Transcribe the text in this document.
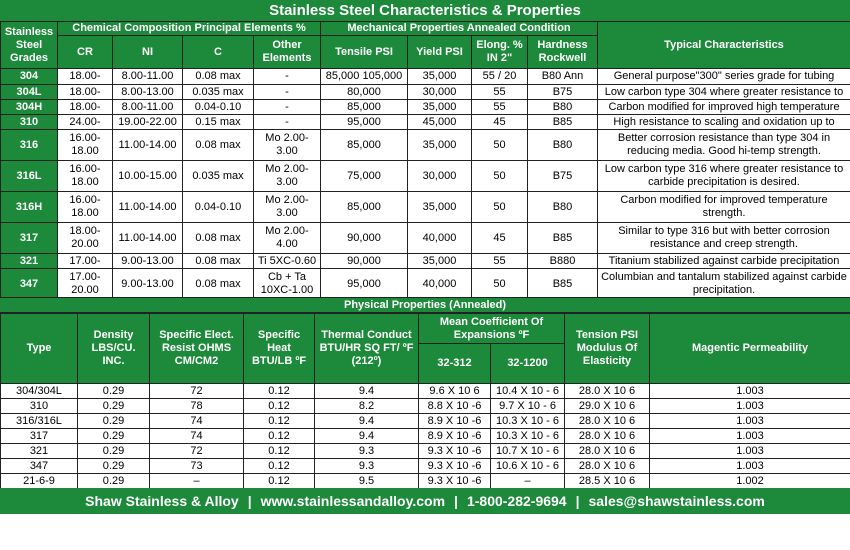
Stainless Steel Characteristics & Properties
Stainless Steel Grades	Chemical Composition Principal Elements %				Mechanical Properties Annealed Condition				Typical Characteristics
	CR	NI	C	Other Elements	Tensile PSI	Yield PSI	Elong. % IN 2"	Hardness Rockwell	
304	18.00-	8.00-11.00	0.08 max	-	85,000 105,000	35,000	55 / 20	B80 Ann	General purpose"300" series grade for tubing
304L	18.00-	8.00-13.00	0.035 max	-	80,000	30,000	55	B75	Low carbon type 304 where greater resistance to
304H	18.00-	8.00-11.00	0.04-0.10	-	85,000	35,000	55	B80	Carbon modified for improved high temperature
310	24.00-	19.00-22.00	0.15 max	-	95,000	45,000	45	B85	High resistance to scaling and oxidation up to
316	16.00- 18.00	11.00-14.00	0.08 max	Mo 2.00- 3.00	85,000	35,000	50	B80	Better corrosion resistance than type 304 in reducing media. Good hi-temp strength.
316L	16.00- 18.00	10.00-15.00	0.035 max	Mo 2.00- 3.00	75,000	30,000	50	B75	Low carbon type 316 where greater resistance to carbide precipitation is desired.
316H	16.00- 18.00	11.00-14.00	0.04-0.10	Mo 2.00- 3.00	85,000	35,000	50	B80	Carbon modified for improved temperature strength.
317	18.00- 20.00	11.00-14.00	0.08 max	Mo 2.00- 4.00	90,000	40,000	45	B85	Similar to type 316 but with better corrosion resistance and creep strength.
321	17.00-	9.00-13.00	0.08 max	Ti 5XC-0.60	90,000	35,000	55	B880	Titanium stabilized against carbide precipitation
347	17.00- 20.00	9.00-13.00	0.08 max	Cb + Ta 10XC-1.00	95,000	40,000	50	B85	Columbian and tantalum stabilized against carbide precipitation.
Physical Properties (Annealed)
Type	Density LBS/CU. INC.	Specific Elect. Resist OHMS CM/CM2	Specific Heat BTU/LB ºF	Thermal Conduct BTU/HR SQ FT/ ºF (212º)	Mean Coefficient Of Expansions ºF		Tension PSI Modulus Of Elasticity	Magentic Permeability
					32-312	32-1200		
304/304L	0.29	72	0.12	9.4	9.6 X 10 6	10.4 X 10 - 6	28.0 X 10 6	1.003
310	0.29	78	0.12	8.2	8.8 X 10 -6	9.7 X 10 - 6	29.0 X 10 6	1.003
316/316L	0.29	74	0.12	9.4	8.9 X 10 -6	10.3 X 10 - 6	28.0 X 10 6	1.003
317	0.29	74	0.12	9.4	8.9 X 10 -6	10.3 X 10 - 6	28.0 X 10 6	1.003
321	0.29	72	0.12	9.3	9.3 X 10 -6	10.7 X 10 - 6	28.0 X 10 6	1.003
347	0.29	73	0.12	9.3	9.3 X 10 -6	10.6 X 10 - 6	28.0 X 10 6	1.003
21-6-9	0.29	–	0.12	9.5	9.3 X 10 -6	–	28.5 X 10 6	1.002
Shaw Stainless & Alloy | www.stainlessandalloy.com | 1-800-282-9694 | sales@shawstainless.com
